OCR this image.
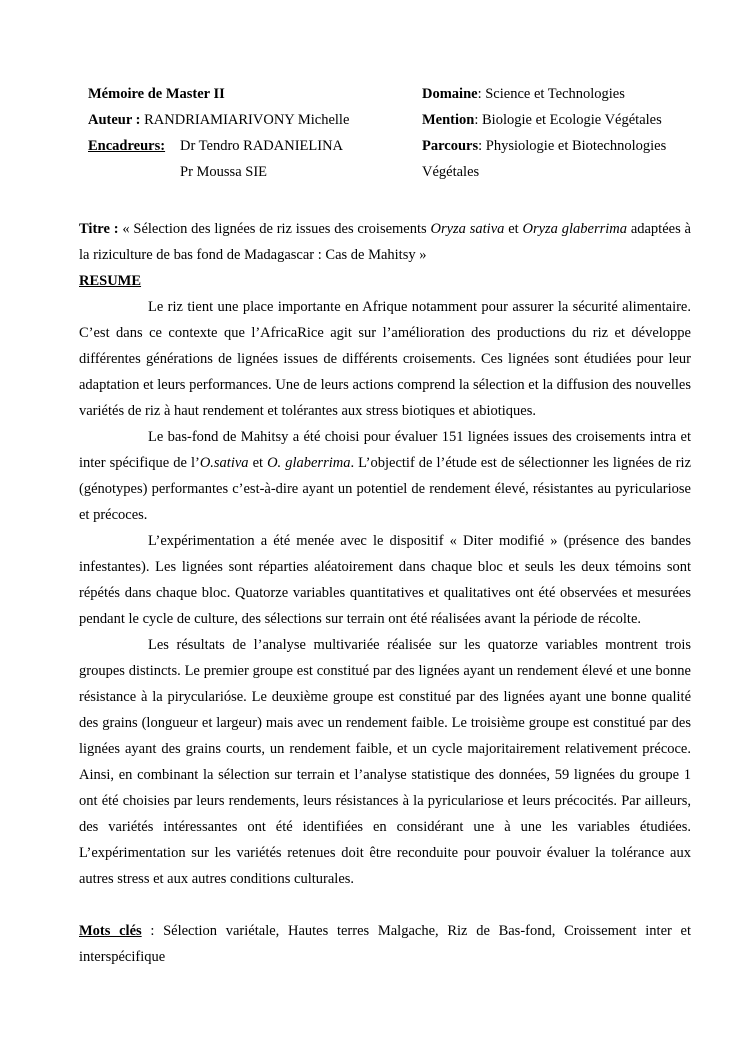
Mémoire de Master II	Domaine: Science et Technologies
Auteur : RANDRIAMIARIVONY Michelle	Mention: Biologie et Ecologie Végétales
Encadreurs: Dr Tendro RADANIELINA	Parcours: Physiologie et Biotechnologies
Pr Moussa SIE	Végétales

Titre : « Sélection des lignées de riz issues des croisements Oryza sativa et Oryza glaberrima adaptées à la riziculture de bas fond de Madagascar : Cas de Mahitsy »

RESUME

Le riz tient une place importante en Afrique notamment pour assurer la sécurité alimentaire. C’est dans ce contexte que l’AfricaRice agit sur l’amélioration des productions du riz et développe différentes générations de lignées issues de différents croisements. Ces lignées sont étudiées pour leur adaptation et leurs performances. Une de leurs actions comprend la sélection et la diffusion des nouvelles variétés de riz à haut rendement et tolérantes aux stress biotiques et abiotiques.

Le bas-fond de Mahitsy a été choisi pour évaluer 151 lignées issues des croisements intra et inter spécifique de l’O.sativa et O. glaberrima. L’objectif de l’étude est de sélectionner les lignées de riz (génotypes) performantes c’est-à-dire ayant un potentiel de rendement élevé, résistantes au pyriculariose et précoces.

L’expérimentation a été menée avec le dispositif « Diter modifié » (présence des bandes infestantes). Les lignées sont réparties aléatoirement dans chaque bloc et seuls les deux témoins sont répétés dans chaque bloc. Quatorze variables quantitatives et qualitatives ont été observées et mesurées pendant le cycle de culture, des sélections sur terrain ont été réalisées avant la période de récolte.

Les résultats de l’analyse multivariée réalisée sur les quatorze variables montrent trois groupes distincts. Le premier groupe est constitué par des lignées ayant un rendement élevé et une bonne résistance à la pirycularióse. Le deuxième groupe est constitué par des lignées ayant une bonne qualité des grains (longueur et largeur) mais avec un rendement faible. Le troisième groupe est constitué par des lignées ayant des grains courts, un rendement faible, et un cycle majoritairement relativement précoce. Ainsi, en combinant la sélection sur terrain et l’analyse statistique des données, 59 lignées du groupe 1 ont été choisies par leurs rendements, leurs résistances à la pyriculariose et leurs précocités. Par ailleurs, des variétés intéressantes ont été identifiées en considérant une à une les variables étudiées. L’expérimentation sur les variétés retenues doit être reconduite pour pouvoir évaluer la tolérance aux autres stress et aux autres conditions culturales.

Mots clés : Sélection variétale, Hautes terres Malgache, Riz de Bas-fond, Croissement inter et interspécifique
